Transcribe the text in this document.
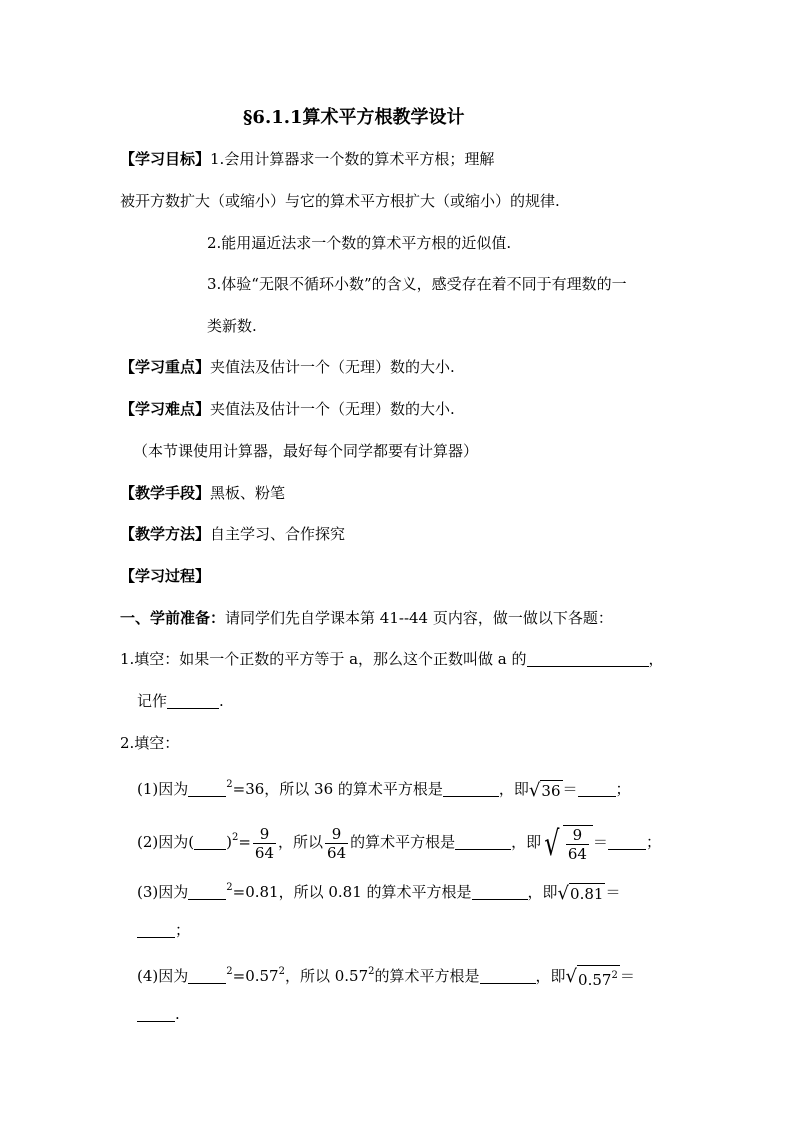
§6.1.1算术平方根教学设计
【学习目标】1.会用计算器求一个数的算术平方根；理解
被开方数扩大（或缩小）与它的算术平方根扩大（或缩小）的规律.
2.能用逼近法求一个数的算术平方根的近似值.
3.体验“无限不循环小数”的含义，感受存在着不同于有理数的一
类新数.
【学习重点】夹值法及估计一个（无理）数的大小.
【学习难点】夹值法及估计一个（无理）数的大小.
（本节课使用计算器，最好每个同学都要有计算器）
【教学手段】黑板、粉笔
【教学方法】自主学习、合作探究
【学习过程】
一、学前准备：请同学们先自学课本第 41--44 页内容，做一做以下各题：
1.填空：如果一个正数的平方等于 a，那么这个正数叫做 a 的	，
记作	.
2.填空：
(1)因为	$^2$=36，所以 36 的算术平方根是	，即√36 ＝	；
(2)因为( )$^2= \frac{9}{64}$ ，所以 $\frac{9}{64}$ 的算术平方根是	，即√ $\frac{9}{64}$ ＝	；
(3)因为	$^2$=0.81，所以 0.81 的算术平方根是	，即√0.81 ＝
；
(4)因为	$^2=0.57^2$，所以 0.57$^2$的算术平方根是	，即$√0.57^2$ ＝
.
